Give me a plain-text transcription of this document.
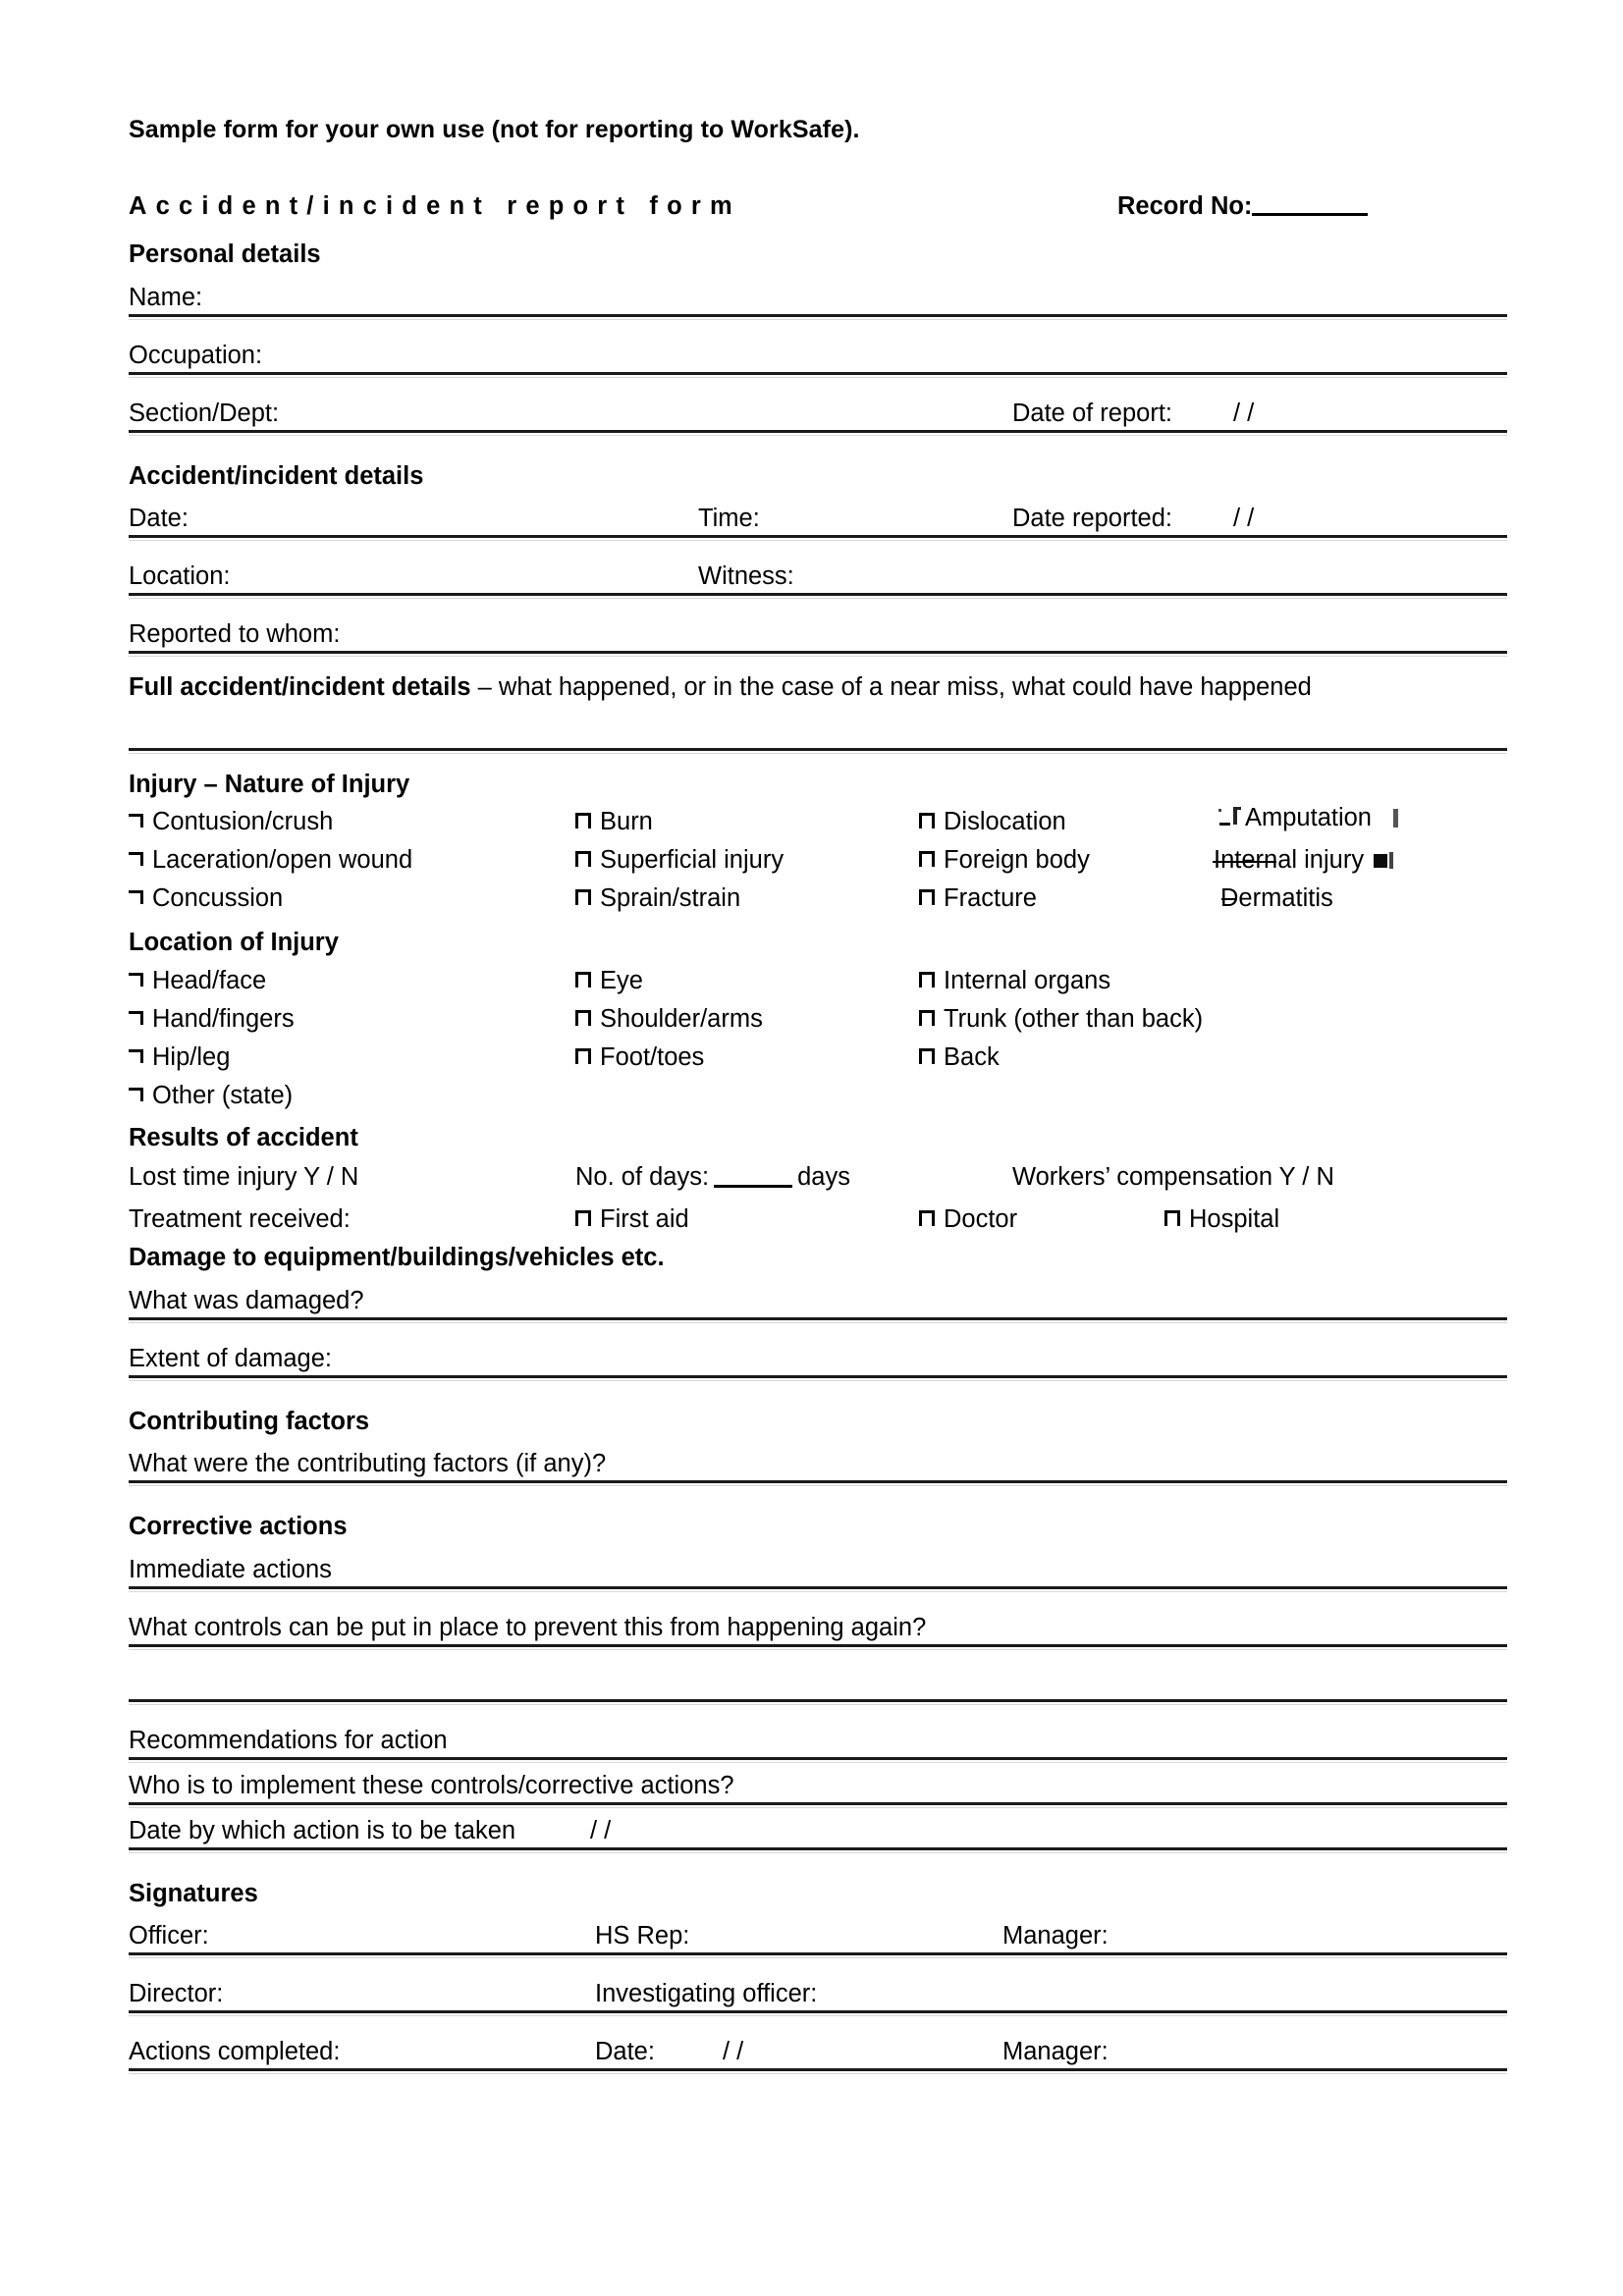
Sample form for your own use (not for reporting to WorkSafe).
Accident/incident report form	Record No:
Personal details
Name:
Occupation:
Section/Dept:	Date of report: / /
Accident/incident details
Date:	Time:	Date reported: / /
Location:	Witness:
Reported to whom:
Full accident/incident details – what happened, or in the case of a near miss, what could have happened
Injury – Nature of Injury
Contusion/crush	Burn	Dislocation	Amputation
Laceration/open wound	Superficial injury	Foreign body	Internal injury
Concussion	Sprain/strain	Fracture	Dermatitis
Location of Injury
Head/face	Eye	Internal organs
Hand/fingers	Shoulder/arms	Trunk (other than back)
Hip/leg	Foot/toes	Back
Other (state)
Results of accident
Lost time injury Y / N	No. of days:	days	Workers’ compensation Y / N
Treatment received:	First aid	Doctor	Hospital
Damage to equipment/buildings/vehicles etc.
What was damaged?
Extent of damage:
Contributing factors
What were the contributing factors (if any)?
Corrective actions
Immediate actions
What controls can be put in place to prevent this from happening again?
Recommendations for action
Who is to implement these controls/corrective actions?
Date by which action is to be taken	/ /
Signatures
Officer:	HS Rep:	Manager:
Director:	Investigating officer:
Actions completed:	Date:	/ /	Manager:
